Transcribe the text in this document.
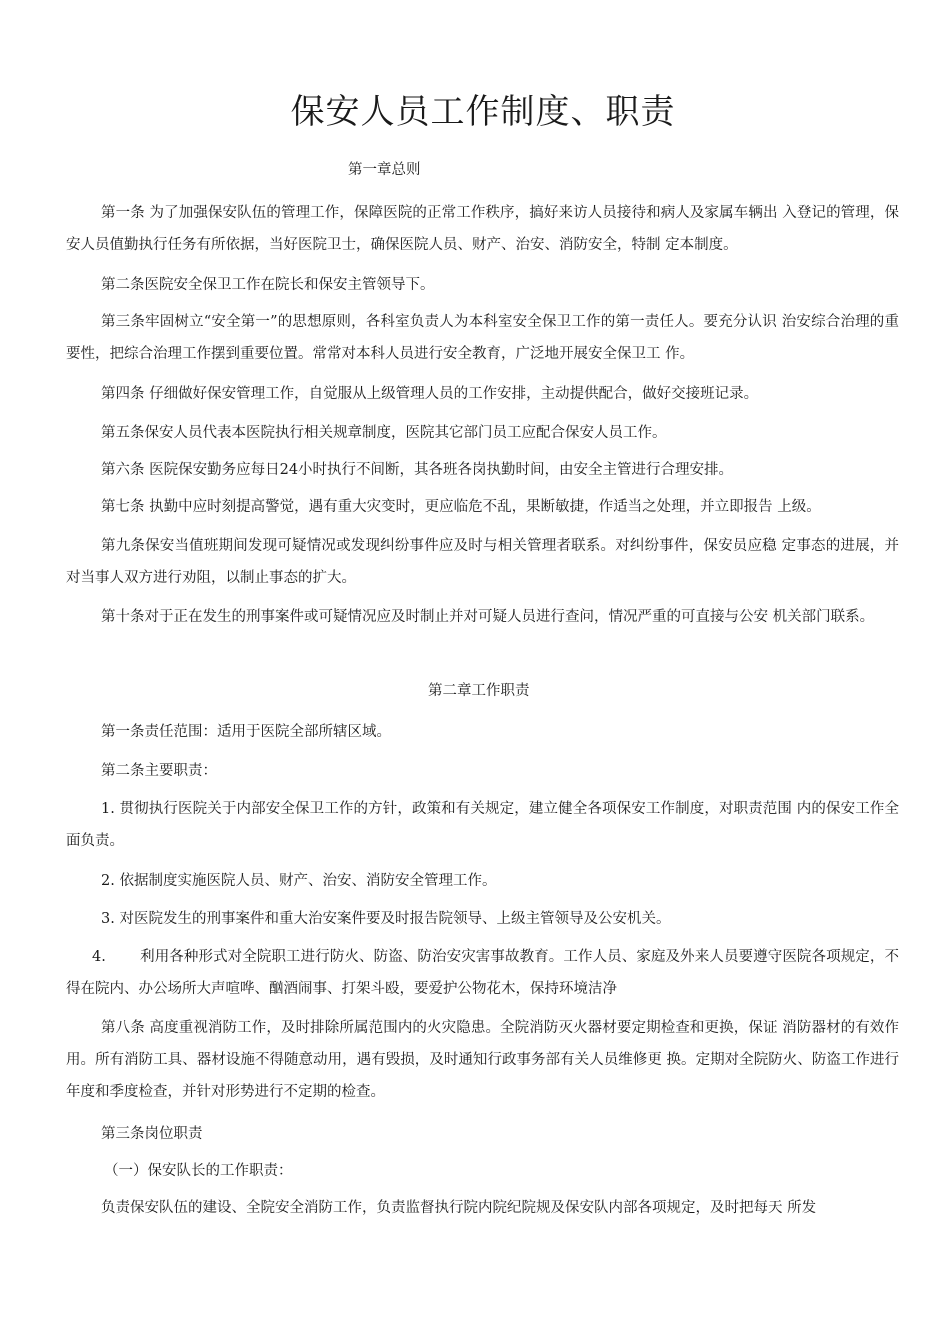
保安人员工作制度、职责
第一章总则

第一条 为了加强保安队伍的管理工作，保障医院的正常工作秩序，搞好来访人员接待和病人及家属车辆出 入登记的管理，保安人员值勤执行任务有所依据，当好医院卫士，确保医院人员、财产、治安、消防安全，特制 定本制度。

第二条医院安全保卫工作在院长和保安主管领导下。

第三条牢固树立“安全第一”的思想原则，各科室负责人为本科室安全保卫工作的第一责任人。要充分认识 治安综合治理的重要性，把综合治理工作摆到重要位置。常常对本科人员进行安全教育，广泛地开展安全保卫工 作。

第四条 仔细做好保安管理工作，自觉服从上级管理人员的工作安排，主动提供配合，做好交接班记录。

第五条保安人员代表本医院执行相关规章制度，医院其它部门员工应配合保安人员工作。

第六条 医院保安勤务应每日24小时执行不间断，其各班各岗执勤时间，由安全主管进行合理安排。

第七条 执勤中应时刻提高警觉，遇有重大灾变时，更应临危不乱，果断敏捷，作适当之处理，并立即报告 上级。

第九条保安当值班期间发现可疑情况或发现纠纷事件应及时与相关管理者联系。对纠纷事件，保安员应稳 定事态的进展，并对当事人双方进行劝阻，以制止事态的扩大。

第十条对于正在发生的刑事案件或可疑情况应及时制止并对可疑人员进行查问，情况严重的可直接与公安 机关部门联系。

第二章工作职责

第一条责任范围：适用于医院全部所辖区域。

第二条主要职责：

1. 贯彻执行医院关于内部安全保卫工作的方针，政策和有关规定，建立健全各项保安工作制度，对职责范围 内的保安工作全面负责。

2. 依据制度实施医院人员、财产、治安、消防安全管理工作。

3. 对医院发生的刑事案件和重大治安案件要及时报告院领导、上级主管领导及公安机关。

4. 利用各种形式对全院职工进行防火、防盗、防治安灾害事故教育。工作人员、家庭及外来人员要遵守医院各项规定，不得在院内、办公场所大声喧哗、酗酒闹事、打架斗殴，要爱护公物花木，保持环境洁净

第八条 高度重视消防工作，及时排除所属范围内的火灾隐患。全院消防灭火器材要定期检查和更换，保证 消防器材的有效作用。所有消防工具、器材设施不得随意动用，遇有毁损，及时通知行政事务部有关人员维修更 换。定期对全院防火、防盗工作进行年度和季度检查，并针对形势进行不定期的检查。

第三条岗位职责

（一）保安队长的工作职责：

负责保安队伍的建设、全院安全消防工作，负责监督执行院内院纪院规及保安队内部各项规定，及时把每天 所发
